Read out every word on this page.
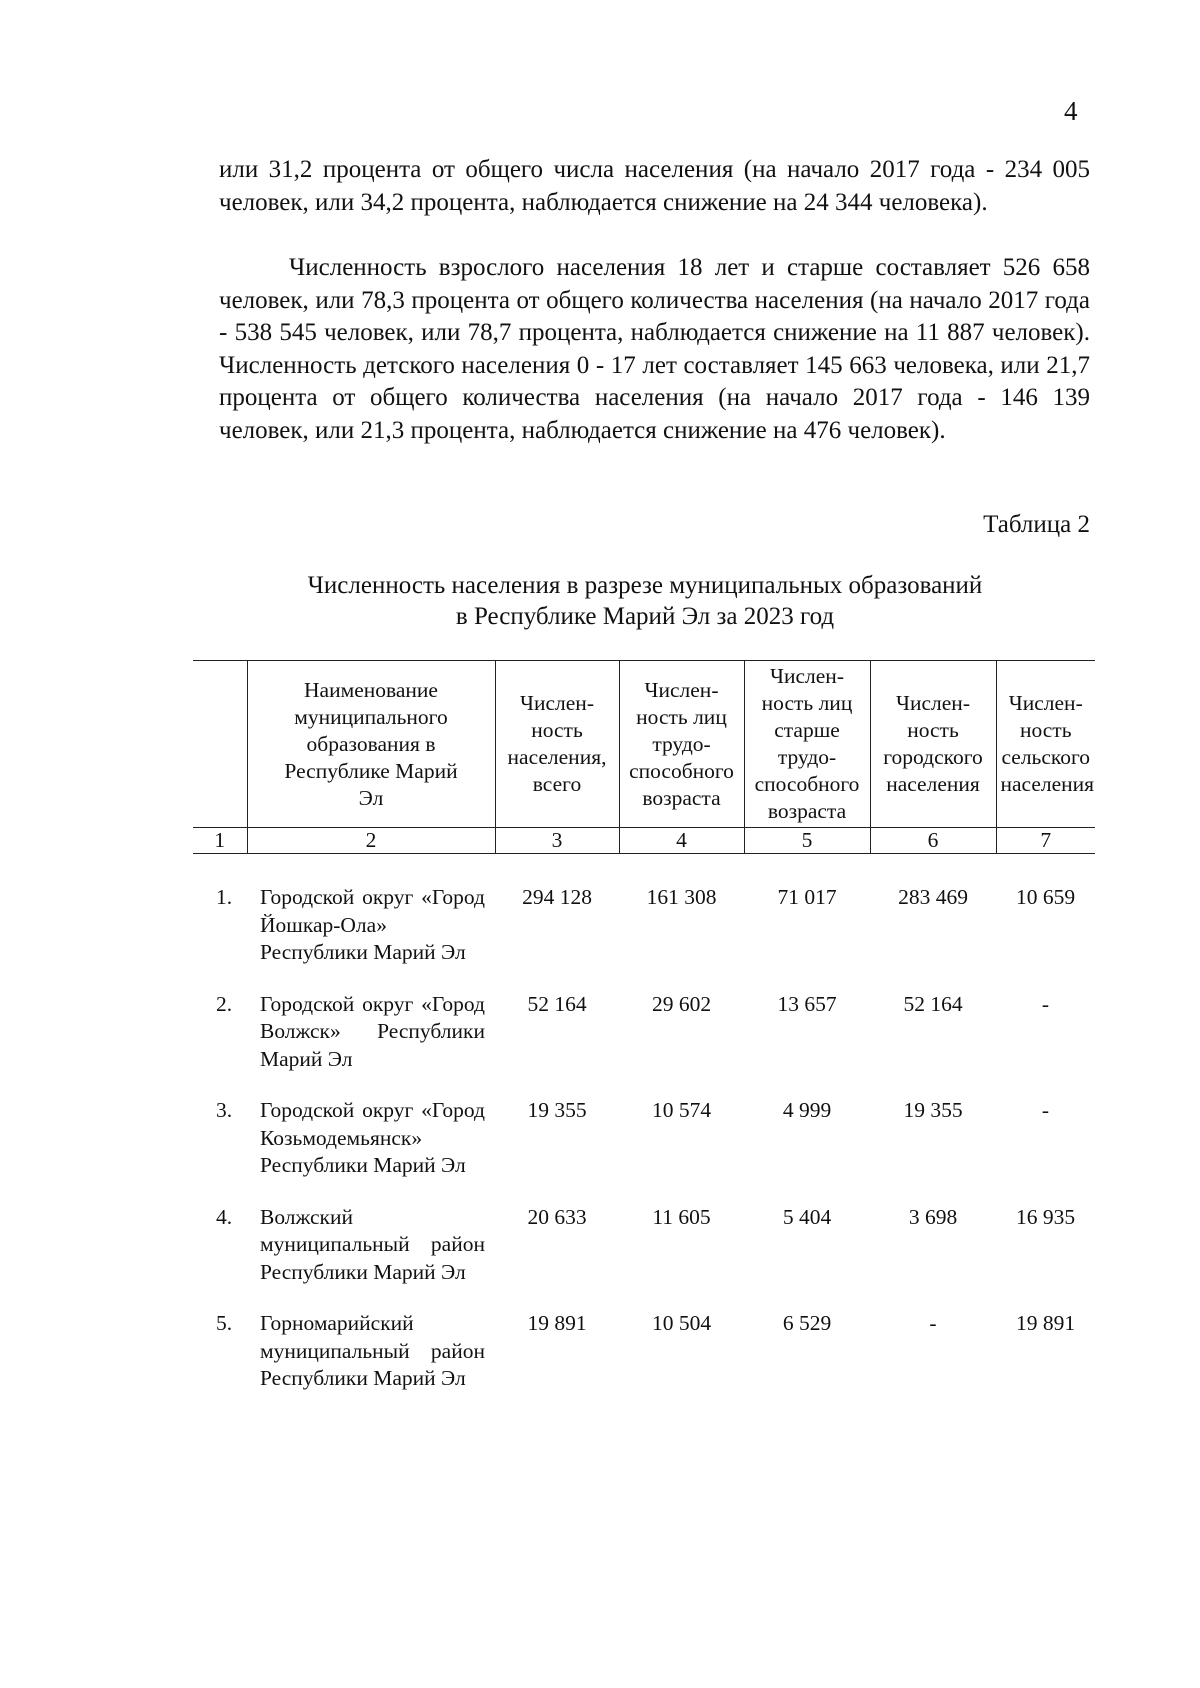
4

или 31,2 процента от общего числа населения (на начало 2017 года - 234 005 человек, или 34,2 процента, наблюдается снижение на 24 344 человека).

Численность взрослого населения 18 лет и старше составляет 526 658 человек, или 78,3 процента от общего количества населения (на начало 2017 года - 538 545 человек, или 78,7 процента, наблюдается снижение на 11 887 человек). Численность детского населения 0 - 17 лет составляет 145 663 человека, или 21,7 процента от общего количества населения (на начало 2017 года - 146 139 человек, или 21,3 процента, наблюдается снижение на 476 человек).

Таблица 2

Численность населения в разрезе муниципальных образований
в Республике Марий Эл за 2023 год
	Наименование муниципального образования в Республике Марий Эл	Числен-ность населения, всего	Числен-ность лиц трудо-способного возраста	Числен-ность лиц старше трудо-способного возраста	Числен-ность городского населения	Числен-ность сельского населения
1	2	3	4	5	6	7
1.	Городской округ «Город Йошкар-Ола» Республики Марий Эл	294 128	161 308	71 017	283 469	10 659
2.	Городской округ «Город Волжск» Республики Марий Эл	52 164	29 602	13 657	52 164	-
3.	Городской округ «Город Козьмодемьянск» Республики Марий Эл	19 355	10 574	4 999	19 355	-
4.	Волжский муниципальный район Республики Марий Эл	20 633	11 605	5 404	3 698	16 935
5.	Горномарийский муниципальный район Республики Марий Эл	19 891	10 504	6 529	-	19 891
